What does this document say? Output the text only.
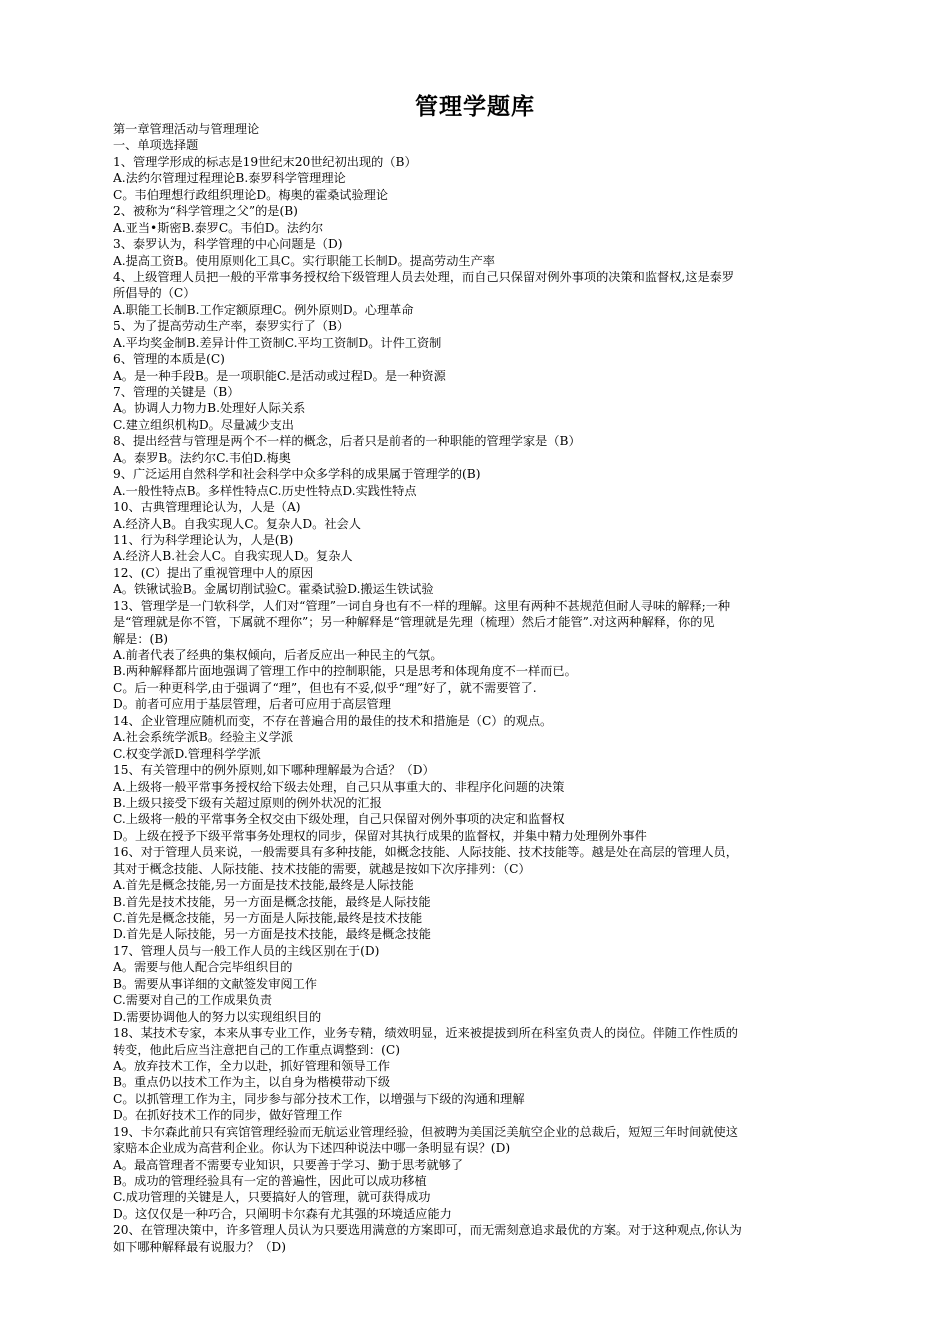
管理学题库
第一章管理活动与管理理论
一、单项选择题
1、管理学形成的标志是19世纪末20世纪初出现的（B）
A.法约尔管理过程理论B.泰罗科学管理理论
C。韦伯理想行政组织理论D。梅奥的霍桑试验理论
2、被称为“科学管理之父”的是(B)
A.亚当•斯密B.泰罗C。韦伯D。法约尔
3、泰罗认为，科学管理的中心问题是（D)
A.提高工资B。使用原则化工具C。实行职能工长制D。提高劳动生产率
4、上级管理人员把一般的平常事务授权给下级管理人员去处理，而自己只保留对例外事项的决策和监督权,这是泰罗
所倡导的（C）
A.职能工长制B.工作定额原理C。例外原则D。心理革命
5、为了提高劳动生产率，泰罗实行了（B）
A.平均奖金制B.差异计件工资制C.平均工资制D。计件工资制
6、管理的本质是(C)
A。是一种手段B。是一项职能C.是活动或过程D。是一种资源
7、管理的关键是（B）
A。协调人力物力B.处理好人际关系
C.建立组织机构D。尽量减少支出
8、提出经营与管理是两个不一样的概念，后者只是前者的一种职能的管理学家是（B）
A。泰罗B。法约尔C.韦伯D.梅奥
9、广泛运用自然科学和社会科学中众多学科的成果属于管理学的(B)
A.一般性特点B。多样性特点C.历史性特点D.实践性特点
10、古典管理理论认为，人是（A)
A.经济人B。自我实现人C。复杂人D。社会人
11、行为科学理论认为，人是(B)
A.经济人B.社会人C。自我实现人D。复杂人
12、(C）提出了重视管理中人的原因
A。铁锹试验B。金属切削试验C。霍桑试验D.搬运生铁试验
13、管理学是一门软科学，人们对“管理”一词自身也有不一样的理解。这里有两种不甚规范但耐人寻味的解释;一种
是“管理就是你不管，下属就不理你”；另一种解释是“管理就是先理（梳理）然后才能管”.对这两种解释，你的见
解是：(B)
A.前者代表了经典的集权倾向，后者反应出一种民主的气氛。
B.两种解释都片面地强调了管理工作中的控制职能，只是思考和体现角度不一样而已。
C。后一种更科学,由于强调了“理”，但也有不妥,似乎“理”好了，就不需要管了.
D。前者可应用于基层管理，后者可应用于高层管理
14、企业管理应随机而变，不存在普遍合用的最佳的技术和措施是（C）的观点。
A.社会系统学派B。经验主义学派
C.权变学派D.管理科学学派
15、有关管理中的例外原则,如下哪种理解最为合适？（D）
A.上级将一般平常事务授权给下级去处理，自己只从事重大的、非程序化问题的决策
B.上级只接受下级有关超过原则的例外状况的汇报
C.上级将一般的平常事务全权交由下级处理，自己只保留对例外事项的决定和监督权
D。上级在授予下级平常事务处理权的同步，保留对其执行成果的监督权，并集中精力处理例外事件
16、对于管理人员来说，一般需要具有多种技能，如概念技能、人际技能、技术技能等。越是处在高层的管理人员，
其对于概念技能、人际技能、技术技能的需要，就越是按如下次序排列：（C）
A.首先是概念技能,另一方面是技术技能,最终是人际技能
B.首先是技术技能，另一方面是概念技能，最终是人际技能
C.首先是概念技能，另一方面是人际技能,最终是技术技能
D.首先是人际技能，另一方面是技术技能，最终是概念技能
17、管理人员与一般工作人员的主线区别在于(D)
A。需要与他人配合完毕组织目的
B。需要从事详细的文献签发审阅工作
C.需要对自己的工作成果负责
D.需要协调他人的努力以实现组织目的
18、某技术专家，本来从事专业工作，业务专精，绩效明显，近来被提拔到所在科室负责人的岗位。伴随工作性质的
转变，他此后应当注意把自己的工作重点调整到：(C)
A。放弃技术工作，全力以赴，抓好管理和领导工作
B。重点仍以技术工作为主，以自身为楷模带动下级
C。以抓管理工作为主，同步参与部分技术工作，以增强与下级的沟通和理解
D。在抓好技术工作的同步，做好管理工作
19、卡尔森此前只有宾馆管理经验而无航运业管理经验，但被聘为美国泛美航空企业的总裁后，短短三年时间就使这
家赔本企业成为高营利企业。你认为下述四种说法中哪一条明显有误？(D)
A。最高管理者不需要专业知识，只要善于学习、勤于思考就够了
B。成功的管理经验具有一定的普遍性，因此可以成功移植
C.成功管理的关键是人，只要搞好人的管理，就可获得成功
D。这仅仅是一种巧合，只阐明卡尔森有尤其强的环境适应能力
20、在管理决策中，许多管理人员认为只要选用满意的方案即可，而无需刻意追求最优的方案。对于这种观点,你认为
如下哪种解释最有说服力？（D)
